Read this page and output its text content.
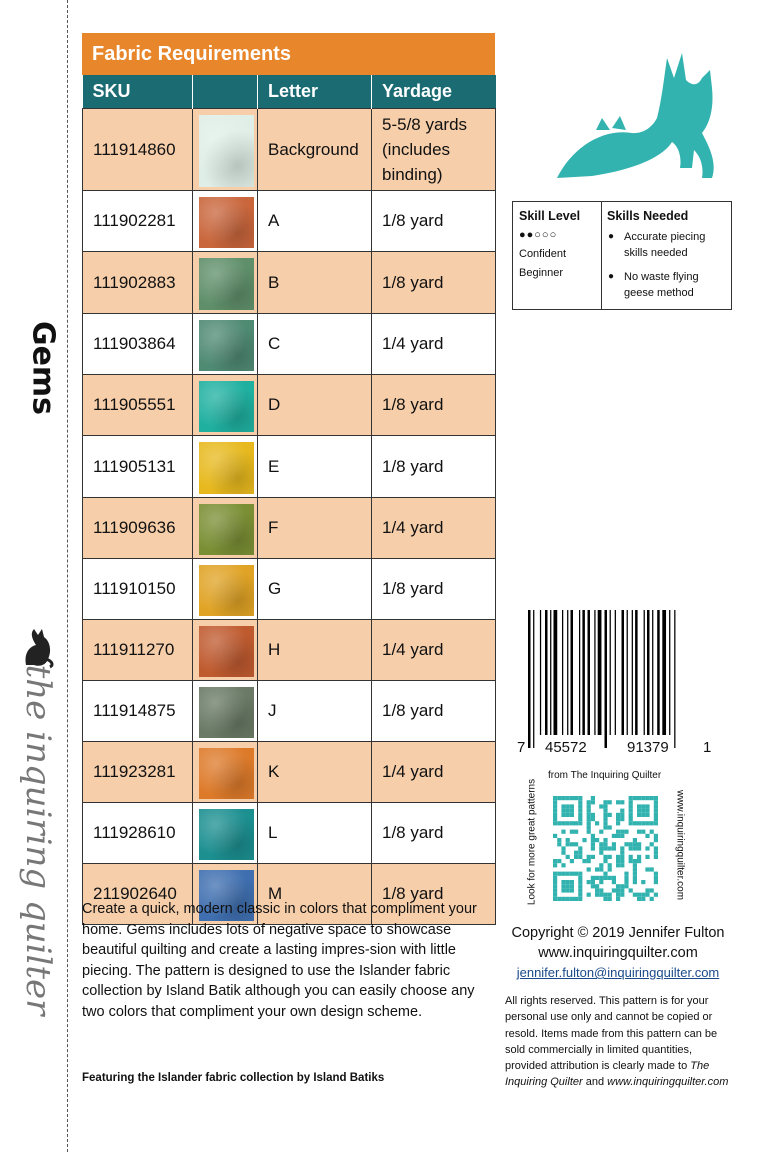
Gems
the inquiring quilter
Fabric Requirements
SKU		Letter	Yardage
111914860		Background	5-5/8 yards (includes binding)
111902281		A	1/8 yard
111902883		B	1/8 yard
111903864		C	1/4 yard
111905551		D	1/8 yard
111905131		E	1/8 yard
111909636		F	1/4 yard
111910150		G	1/8 yard
111911270		H	1/4 yard
111914875		J	1/8 yard
111923281		K	1/4 yard
111928610		L	1/8 yard
211902640		M	1/8 yard
Skill Level
●●○○○
Confident
Beginner
Skills Needed
● Accurate piecing skills needed
● No waste flying geese method
7 45572	91379 1
from The Inquiring Quilter
Look for more great patterns	www.inquiringquilter.com
Copyright © 2019 Jennifer Fulton
www.inquiringquilter.com
jennifer.fulton@inquiringquilter.com
All rights reserved. This pattern is for your personal use only and cannot be copied or resold. Items made from this pattern can be sold commercially in limited quantities, provided attribution is clearly made to The Inquiring Quilter and www.inquiringquilter.com
Create a quick, modern classic in colors that compliment your home. Gems includes lots of negative space to showcase beautiful quilting and create a lasting impres-sion with little piecing. The pattern is designed to use the Islander fabric collection by Island Batik although you can easily choose any two colors that compliment your own design scheme.
Featuring the Islander fabric collection by Island Batiks
